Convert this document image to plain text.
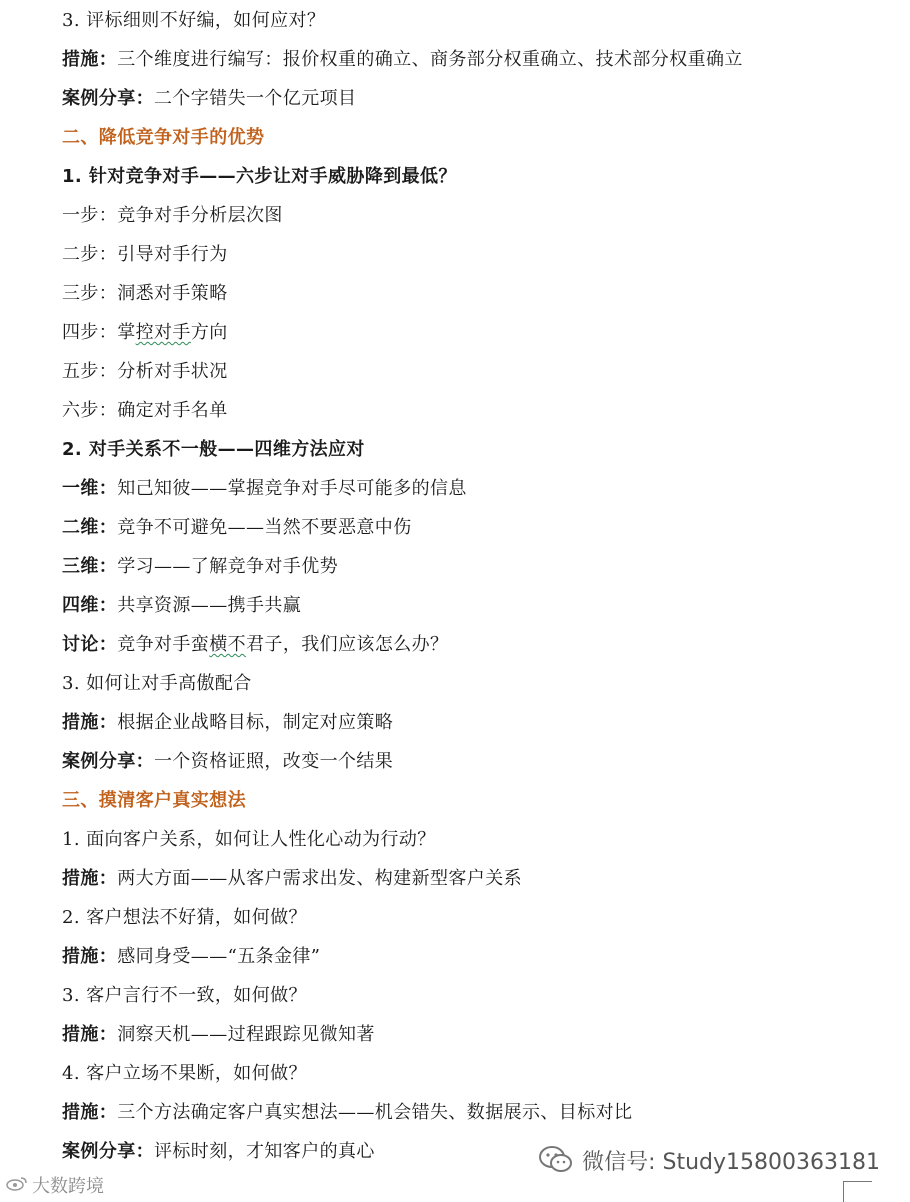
3. 评标细则不好编，如何应对？
措施：三个维度进行编写：报价权重的确立、商务部分权重确立、技术部分权重确立
案例分享：二个字错失一个亿元项目
二、降低竞争对手的优势
1. 针对竞争对手——六步让对手威胁降到最低？
一步：竞争对手分析层次图
二步：引导对手行为
三步：洞悉对手策略
四步：掌控对手方向
五步：分析对手状况
六步：确定对手名单
2. 对手关系不一般——四维方法应对
一维：知己知彼——掌握竞争对手尽可能多的信息
二维：竞争不可避免——当然不要恶意中伤
三维：学习——了解竞争对手优势
四维：共享资源——携手共赢
讨论：竞争对手蛮横不君子，我们应该怎么办？
3. 如何让对手高傲配合
措施：根据企业战略目标，制定对应策略
案例分享：一个资格证照，改变一个结果
三、摸清客户真实想法
1. 面向客户关系，如何让人性化心动为行动？
措施：两大方面——从客户需求出发、构建新型客户关系
2. 客户想法不好猜，如何做？
措施：感同身受——“五条金律”
3. 客户言行不一致，如何做？
措施：洞察天机——过程跟踪见微知著
4. 客户立场不果断，如何做？
措施：三个方法确定客户真实想法——机会错失、数据展示、目标对比
案例分享：评标时刻，才知客户的真心	微信号: Study15800363181
大数跨境
